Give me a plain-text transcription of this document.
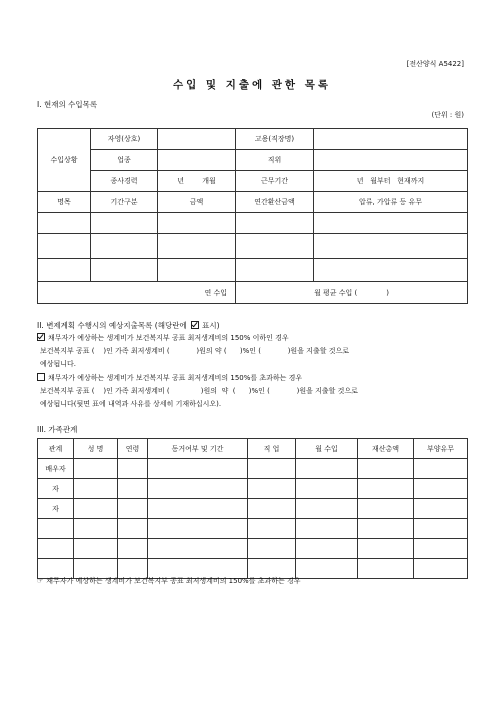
[전산양식 A5422]
수입 및 지출에 관한 목록
I. 현재의 수입목록
(단위 : 원)
수입상황	자영(상호)		고용(직장명)	
	업종		직위	
	종사경력	년 개월	근무기간	년   월부터   현재까지
명목	기간구분	금액	연간환산금액	압류, 가압류 등 유무

연 수입			월 평균 수입 (             )	
II. 변제계획 수행시의 예상지출목록 (해당란에 표시)
채무자가 예상하는 생계비가 보건복지부 공표 최저생계비의 150% 이하인 경우
보건복지부 공표 (    )인 가족 최저생계비 (            )원의 약 (      )%인 (            )원을 지출할 것으로
예상됩니다.
채무자가 예상하는 생계비가 보건복지부 공표 최저생계비의 150%를 초과하는 경우
보건복지부 공표 (    )인 가족 최저생계비 (              )원의  약  (      )%인 (            )원을 지출할 것으로
예상됩니다(뒷면 표에 내역과 사유를 상세히 기재하십시오).
III. 가족관계
관계	성 명	연령	동거여부 및 기간	직 업	월 수입	재산총액	부양유무
배우자							
자							
자							

☞ 채무자가 예상하는 생계비가 보건복지부 공표 최저생계비의 150%를 초과하는 경우
